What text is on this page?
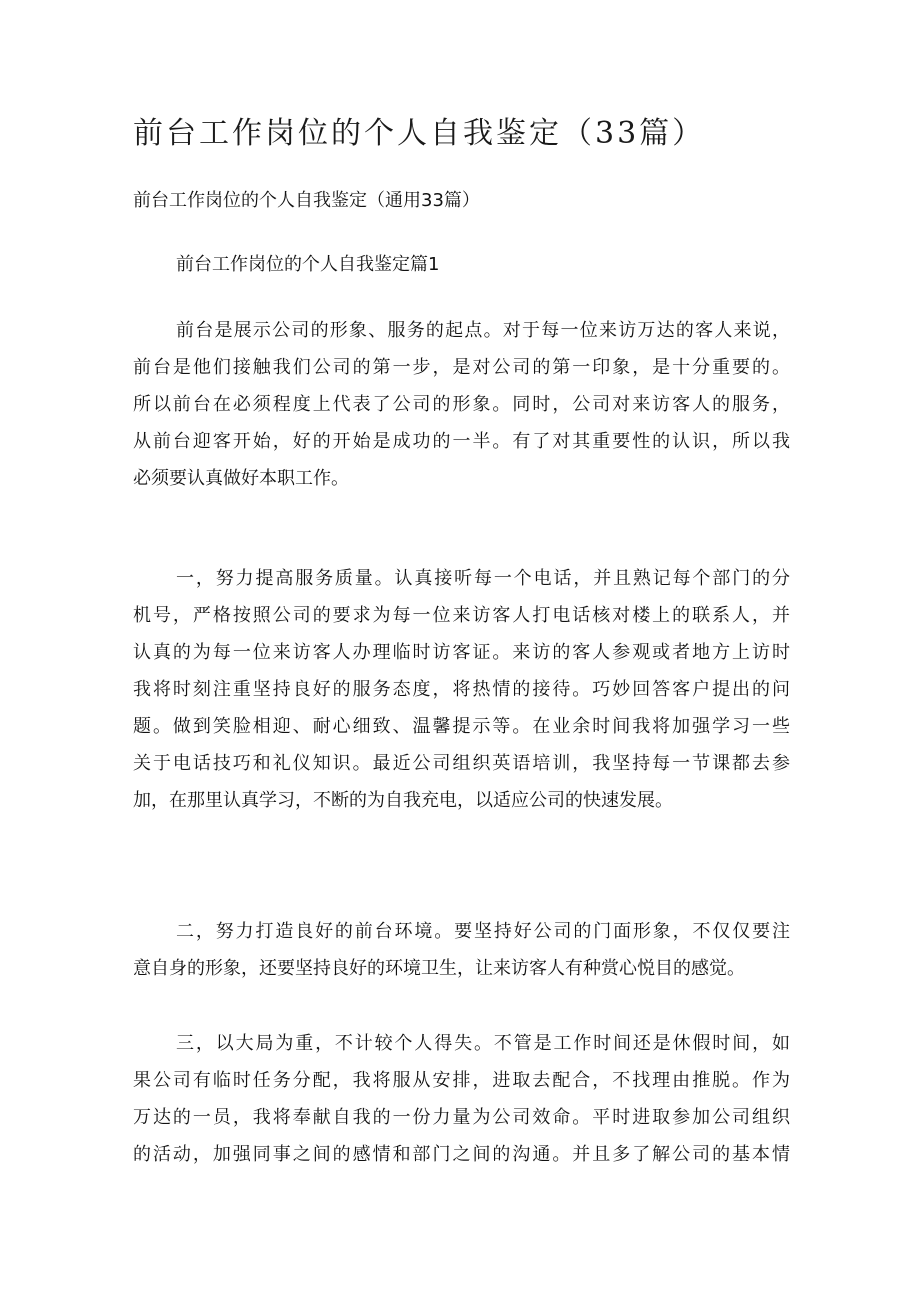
前台工作岗位的个人自我鉴定（33篇）
前台工作岗位的个人自我鉴定（通用33篇）
前台工作岗位的个人自我鉴定篇1
前台是展示公司的形象、服务的起点。对于每一位来访万达的客人来说，
前台是他们接触我们公司的第一步，是对公司的第一印象，是十分重要的。
所以前台在必须程度上代表了公司的形象。同时，公司对来访客人的服务，
从前台迎客开始，好的开始是成功的一半。有了对其重要性的认识，所以我
必须要认真做好本职工作。
一，努力提高服务质量。认真接听每一个电话，并且熟记每个部门的分
机号，严格按照公司的要求为每一位来访客人打电话核对楼上的联系人，并
认真的为每一位来访客人办理临时访客证。来访的客人参观或者地方上访时
我将时刻注重坚持良好的服务态度，将热情的接待。巧妙回答客户提出的问
题。做到笑脸相迎、耐心细致、温馨提示等。在业余时间我将加强学习一些
关于电话技巧和礼仪知识。最近公司组织英语培训，我坚持每一节课都去参
加，在那里认真学习，不断的为自我充电，以适应公司的快速发展。
二，努力打造良好的前台环境。要坚持好公司的门面形象，不仅仅要注
意自身的形象，还要坚持良好的环境卫生，让来访客人有种赏心悦目的感觉。
三，以大局为重，不计较个人得失。不管是工作时间还是休假时间，如
果公司有临时任务分配，我将服从安排，进取去配合，不找理由推脱。作为
万达的一员，我将奉献自我的一份力量为公司效命。平时进取参加公司组织
的活动，加强同事之间的感情和部门之间的沟通。并且多了解公司的基本情
